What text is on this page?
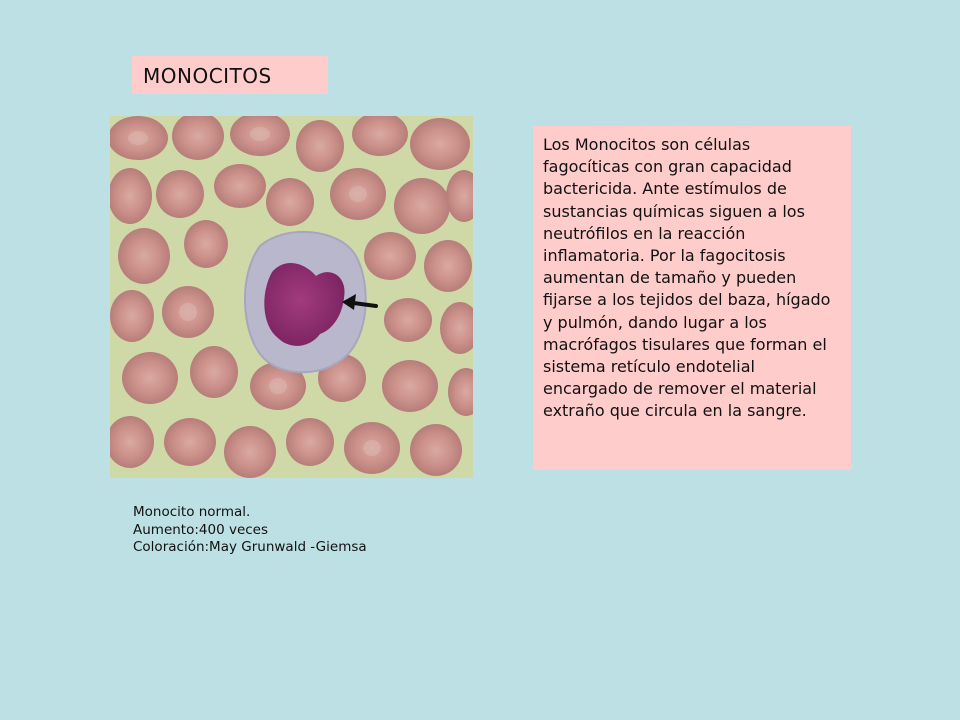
MONOCITOS
Los Monocitos son células fagocíticas con gran capacidad bactericida. Ante estímulos de sustancias químicas siguen a los neutrófilos en la reacción inflamatoria. Por la fagocitosis aumentan de tamaño y pueden fijarse a los tejidos del baza, hígado y pulmón, dando lugar a los macrófagos tisulares que forman el sistema retículo endotelial encargado de remover el material extraño que circula en la sangre.
Monocito normal.
Aumento:400 veces
Coloración:May Grunwald -Giemsa
